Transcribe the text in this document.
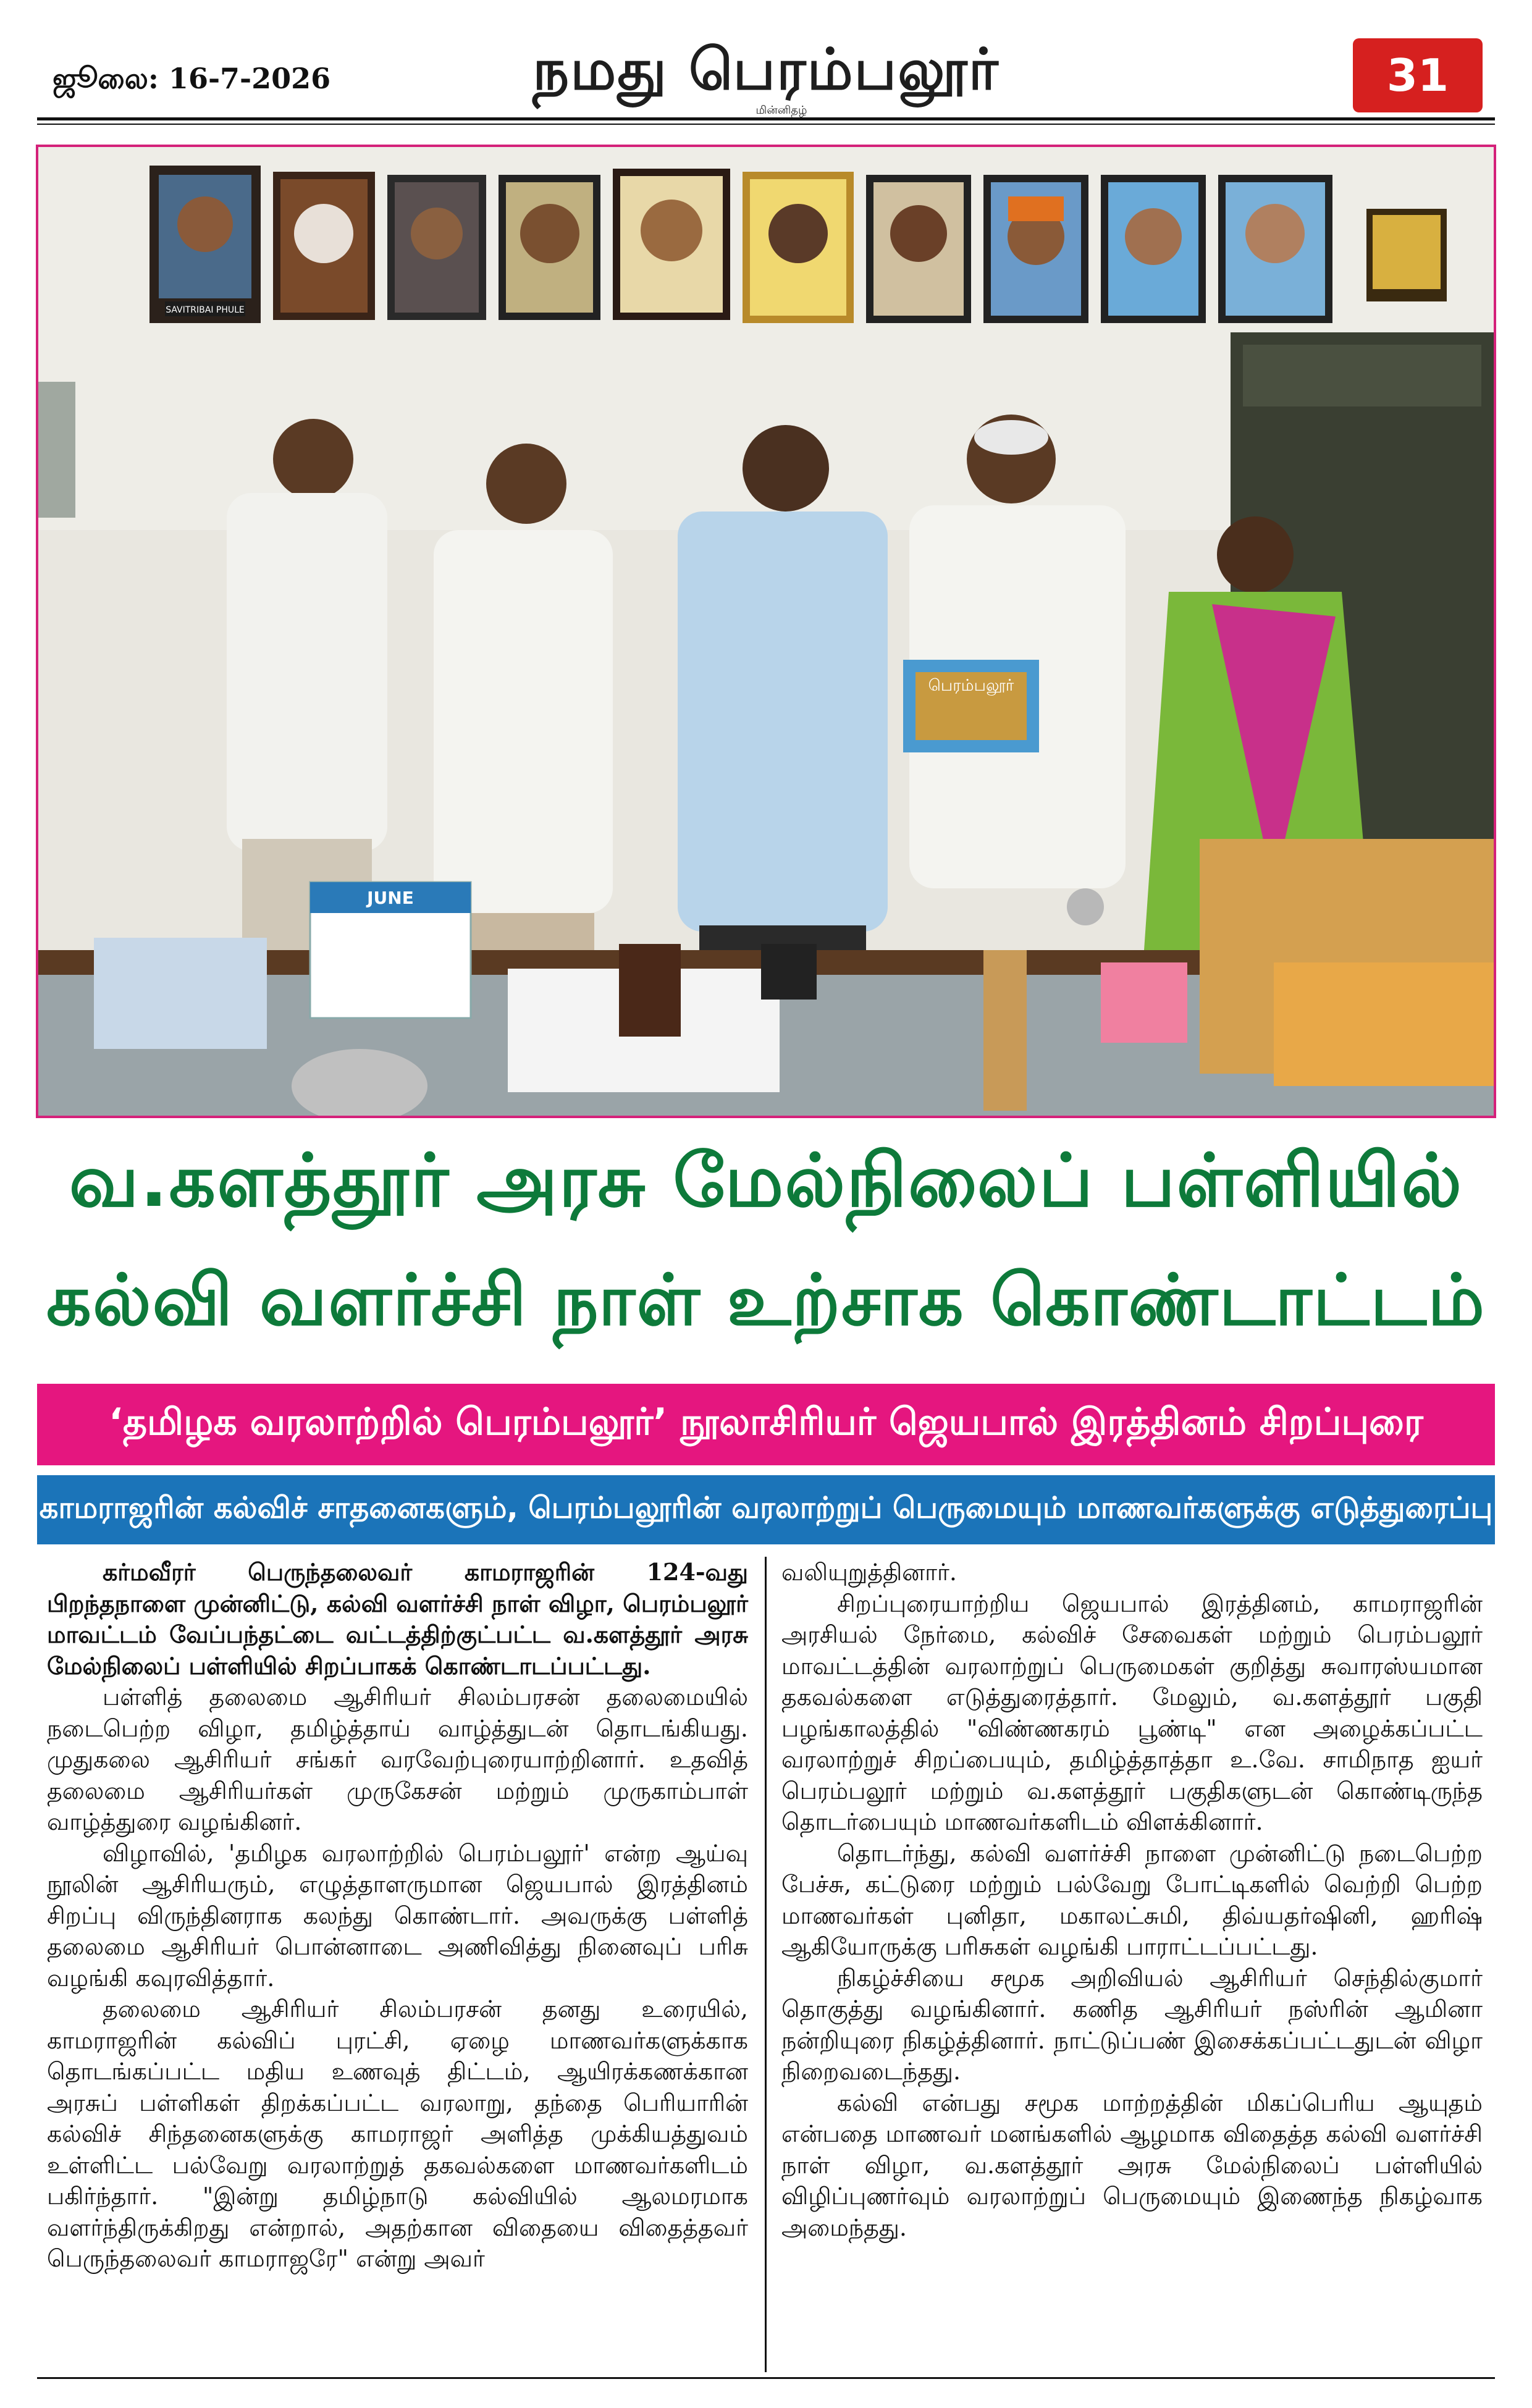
ஜூலை: 16-7-2026	நமது பெரம்பலூர்
மின்னிதழ்
31
SAVITRIBAI PHULE
பெரம்பலூர்
JUNE
வ.களத்தூர் அரசு மேல்நிலைப் பள்ளியில்
கல்வி வளர்ச்சி நாள் உற்சாக கொண்டாட்டம்
‘தமிழக வரலாற்றில் பெரம்பலூர்’ நூலாசிரியர் ஜெயபால் இரத்தினம் சிறப்புரை
காமராஜரின் கல்விச் சாதனைகளும், பெரம்பலூரின் வரலாற்றுப் பெருமையும் மாணவர்களுக்கு எடுத்துரைப்பு

கர்மவீரர் பெருந்தலைவர் காமராஜரின் 124-வது பிறந்தநாளை முன்னிட்டு, கல்வி வளர்ச்சி நாள் விழா, பெரம்பலூர் மாவட்டம் வேப்பந்தட்டை வட்டத்திற்குட்பட்ட வ.களத்தூர் அரசு மேல்நிலைப் பள்ளியில் சிறப்பாகக் கொண்டாடப்பட்டது.

பள்ளித் தலைமை ஆசிரியர் சிலம்பரசன் தலைமையில் நடைபெற்ற விழா, தமிழ்த்தாய் வாழ்த்துடன் தொடங்கியது. முதுகலை ஆசிரியர் சங்கர் வரவேற்புரையாற்றினார். உதவித் தலைமை ஆசிரியர்கள் முருகேசன் மற்றும் முருகாம்பாள் வாழ்த்துரை வழங்கினர்.

விழாவில், 'தமிழக வரலாற்றில் பெரம்பலூர்' என்ற ஆய்வு நூலின் ஆசிரியரும், எழுத்தாளருமான ஜெயபால் இரத்தினம் சிறப்பு விருந்தினராக கலந்து கொண்டார். அவருக்கு பள்ளித் தலைமை ஆசிரியர் பொன்னாடை அணிவித்து நினைவுப் பரிசு வழங்கி கவுரவித்தார்.

தலைமை ஆசிரியர் சிலம்பரசன் தனது உரையில், காமராஜரின் கல்விப் புரட்சி, ஏழை மாணவர்களுக்காக தொடங்கப்பட்ட மதிய உணவுத் திட்டம், ஆயிரக்கணக்கான அரசுப் பள்ளிகள் திறக்கப்பட்ட வரலாறு, தந்தை பெரியாரின் கல்விச் சிந்தனைகளுக்கு காமராஜர் அளித்த முக்கியத்துவம் உள்ளிட்ட பல்வேறு வரலாற்றுத் தகவல்களை மாணவர்களிடம் பகிர்ந்தார். "இன்று தமிழ்நாடு கல்வியில் ஆலமரமாக வளர்ந்திருக்கிறது என்றால், அதற்கான விதையை விதைத்தவர் பெருந்தலைவர் காமராஜரே" என்று அவர்

வலியுறுத்தினார்.

சிறப்புரையாற்றிய ஜெயபால் இரத்தினம், காமராஜரின் அரசியல் நேர்மை, கல்விச் சேவைகள் மற்றும் பெரம்பலூர் மாவட்டத்தின் வரலாற்றுப் பெருமைகள் குறித்து சுவாரஸ்யமான தகவல்களை எடுத்துரைத்தார். மேலும், வ.களத்தூர் பகுதி பழங்காலத்தில் "விண்ணகரம் பூண்டி" என அழைக்கப்பட்ட வரலாற்றுச் சிறப்பையும், தமிழ்த்தாத்தா உ.வே. சாமிநாத ஐயர் பெரம்பலூர் மற்றும் வ.களத்தூர் பகுதிகளுடன் கொண்டிருந்த தொடர்பையும் மாணவர்களிடம் விளக்கினார்.

தொடர்ந்து, கல்வி வளர்ச்சி நாளை முன்னிட்டு நடைபெற்ற பேச்சு, கட்டுரை மற்றும் பல்வேறு போட்டிகளில் வெற்றி பெற்ற மாணவர்கள் புனிதா, மகாலட்சுமி, திவ்யதர்ஷினி, ஹரிஷ் ஆகியோருக்கு பரிசுகள் வழங்கி பாராட்டப்பட்டது.

நிகழ்ச்சியை சமூக அறிவியல் ஆசிரியர் செந்தில்குமார் தொகுத்து வழங்கினார். கணித ஆசிரியர் நஸ்ரின் ஆமினா நன்றியுரை நிகழ்த்தினார். நாட்டுப்பண் இசைக்கப்பட்டதுடன் விழா நிறைவடைந்தது.

கல்வி என்பது சமூக மாற்றத்தின் மிகப்பெரிய ஆயுதம் என்பதை மாணவர் மனங்களில் ஆழமாக விதைத்த கல்வி வளர்ச்சி நாள் விழா, வ.களத்தூர் அரசு மேல்நிலைப் பள்ளியில் விழிப்புணர்வும் வரலாற்றுப் பெருமையும் இணைந்த நிகழ்வாக அமைந்தது.
